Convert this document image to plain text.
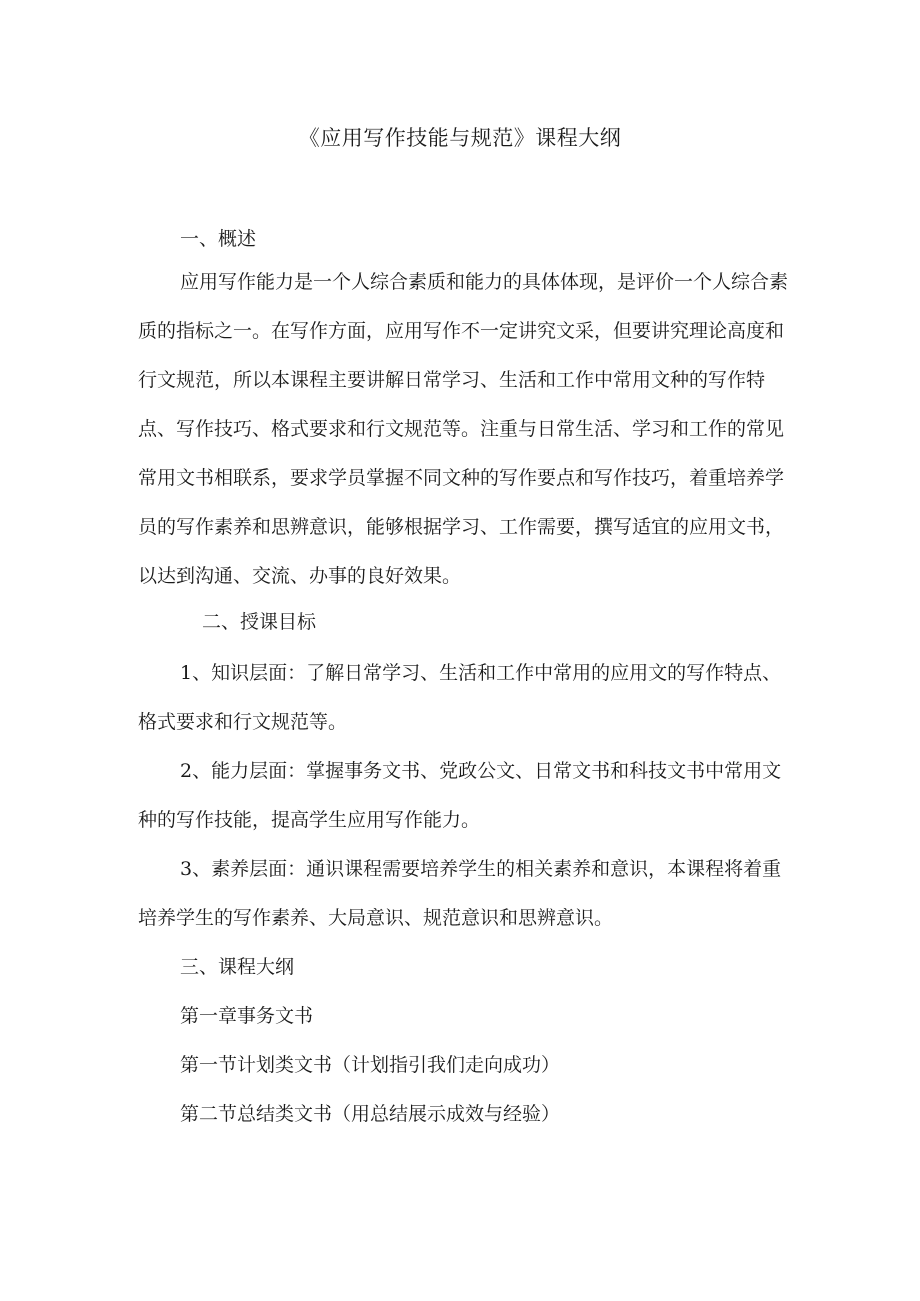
《应用写作技能与规范》课程大纲
一、概述

应用写作能力是一个人综合素质和能力的具体体现，是评价一个人综合素质的指标之一。在写作方面，应用写作不一定讲究文采，但要讲究理论高度和行文规范，所以本课程主要讲解日常学习、生活和工作中常用文种的写作特点、写作技巧、格式要求和行文规范等。注重与日常生活、学习和工作的常见常用文书相联系，要求学员掌握不同文种的写作要点和写作技巧，着重培养学员的写作素养和思辨意识，能够根据学习、工作需要，撰写适宜的应用文书，以达到沟通、交流、办事的良好效果。

二、授课目标

1、知识层面：了解日常学习、生活和工作中常用的应用文的写作特点、格式要求和行文规范等。

2、能力层面：掌握事务文书、党政公文、日常文书和科技文书中常用文种的写作技能，提高学生应用写作能力。

3、素养层面：通识课程需要培养学生的相关素养和意识，本课程将着重培养学生的写作素养、大局意识、规范意识和思辨意识。

三、课程大纲
第一章事务文书
第一节计划类文书（计划指引我们走向成功）
第二节总结类文书（用总结展示成效与经验）
